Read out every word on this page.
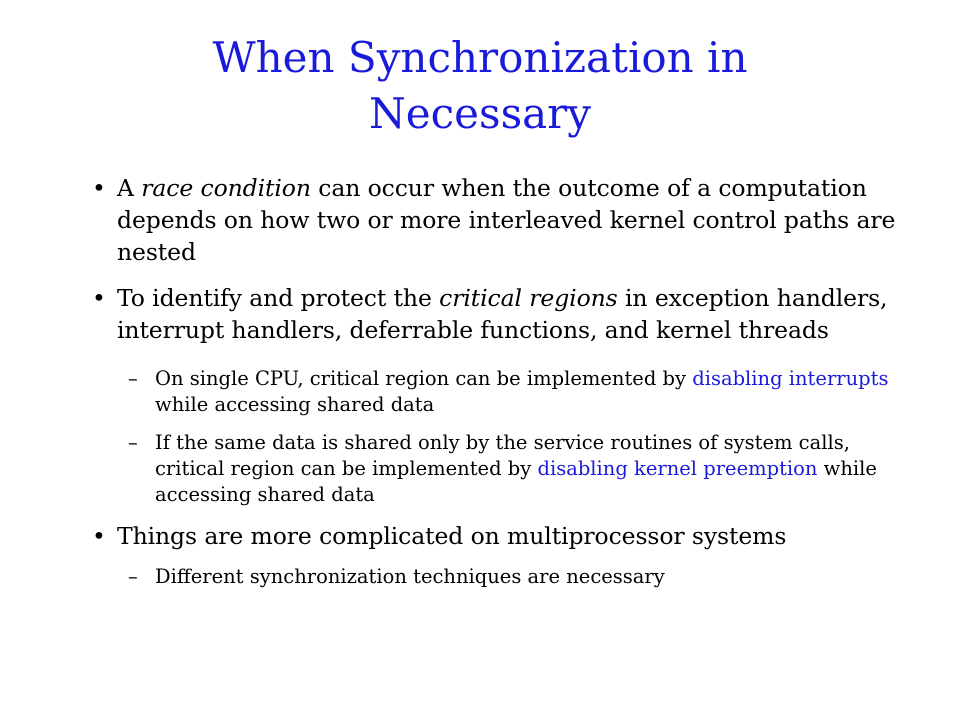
When Synchronization in
Necessary
• A race condition can occur when the outcome of a computation depends on how two or more interleaved kernel control paths are nested
• To identify and protect the critical regions in exception handlers, interrupt handlers, deferrable functions, and kernel threads
– On single CPU, critical region can be implemented by disabling interrupts while accessing shared data
– If the same data is shared only by the service routines of system calls, critical region can be implemented by disabling kernel preemption while accessing shared data
• Things are more complicated on multiprocessor systems
– Different synchronization techniques are necessary
